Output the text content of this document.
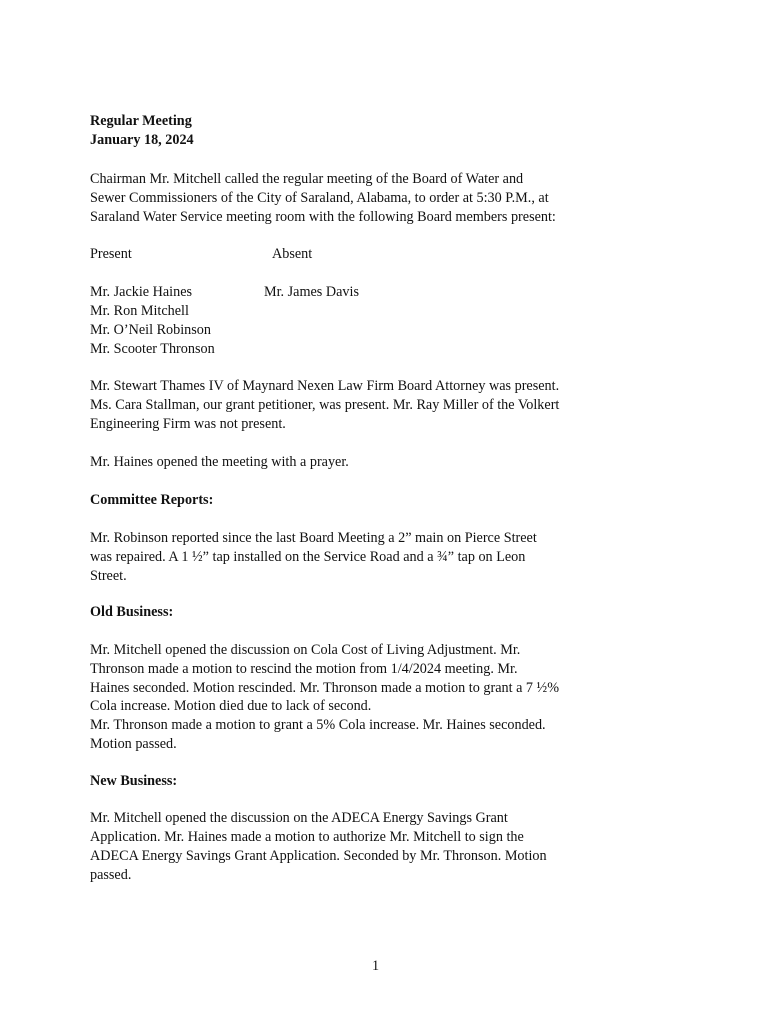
Regular Meeting
January 18, 2024
Chairman Mr. Mitchell called the regular meeting of the Board of Water and
Sewer Commissioners of the City of Saraland, Alabama, to order at 5:30 P.M., at
Saraland Water Service meeting room with the following Board members present:
Present	Absent
Mr. Jackie Haines
Mr. Ron Mitchell
Mr. O’Neil Robinson
Mr. Scooter Thronson
Mr. James Davis
Mr. Stewart Thames IV of Maynard Nexen Law Firm Board Attorney was present.
Ms. Cara Stallman, our grant petitioner, was present. Mr. Ray Miller of the Volkert
Engineering Firm was not present.
Mr. Haines opened the meeting with a prayer.
Committee Reports:
Mr. Robinson reported since the last Board Meeting a 2” main on Pierce Street
was repaired. A 1 ½” tap installed on the Service Road and a ¾” tap on Leon
Street.
Old Business:
Mr. Mitchell opened the discussion on Cola Cost of Living Adjustment. Mr.
Thronson made a motion to rescind the motion from 1/4/2024 meeting. Mr.
Haines seconded. Motion rescinded. Mr. Thronson made a motion to grant a 7 ½%
Cola increase. Motion died due to lack of second.
Mr. Thronson made a motion to grant a 5% Cola increase. Mr. Haines seconded.
Motion passed.
New Business:
Mr. Mitchell opened the discussion on the ADECA Energy Savings Grant
Application. Mr. Haines made a motion to authorize Mr. Mitchell to sign the
ADECA Energy Savings Grant Application. Seconded by Mr. Thronson. Motion
passed.
1
